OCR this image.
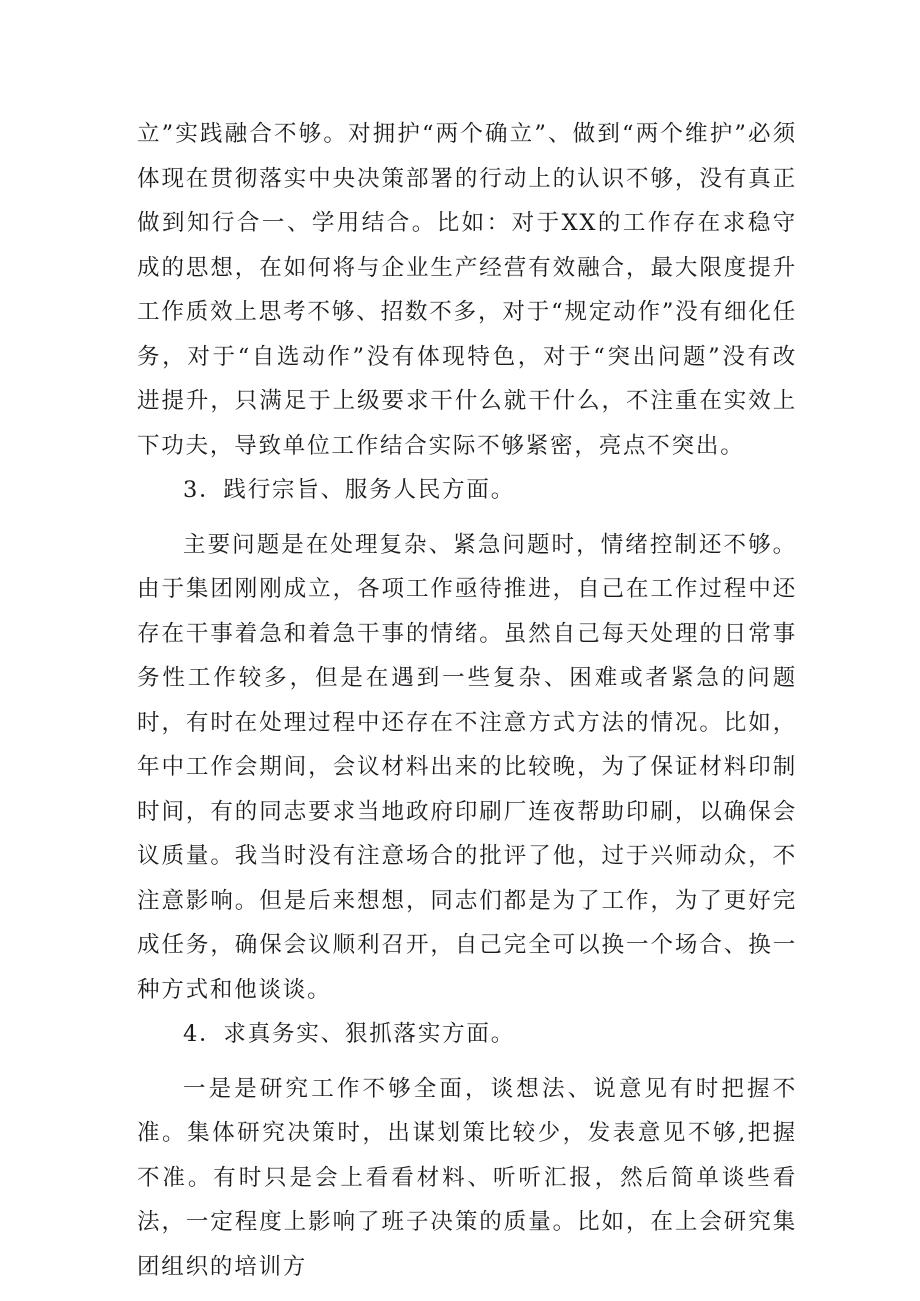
立”实践融合不够。对拥护“两个确立”、做到“两个维护”必须体现在贯彻落实中央决策部署的行动上的认识不够，没有真正做到知行合一、学用结合。比如：对于XX的工作存在求稳守成的思想，在如何将与企业生产经营有效融合，最大限度提升工作质效上思考不够、招数不多，对于“规定动作”没有细化任务，对于“自选动作”没有体现特色，对于“突出问题”没有改进提升，只满足于上级要求干什么就干什么，不注重在实效上下功夫，导致单位工作结合实际不够紧密，亮点不突出。

3．践行宗旨、服务人民方面。

主要问题是在处理复杂、紧急问题时，情绪控制还不够。由于集团刚刚成立，各项工作亟待推进，自己在工作过程中还存在干事着急和着急干事的情绪。虽然自己每天处理的日常事务性工作较多，但是在遇到一些复杂、困难或者紧急的问题时，有时在处理过程中还存在不注意方式方法的情况。比如，年中工作会期间，会议材料出来的比较晚，为了保证材料印制时间，有的同志要求当地政府印刷厂连夜帮助印刷，以确保会议质量。我当时没有注意场合的批评了他，过于兴师动众，不注意影响。但是后来想想，同志们都是为了工作，为了更好完成任务，确保会议顺利召开，自己完全可以换一个场合、换一种方式和他谈谈。

4．求真务实、狠抓落实方面。

一是是研究工作不够全面，谈想法、说意见有时把握不准。集体研究决策时，出谋划策比较少，发表意见不够,把握不准。有时只是会上看看材料、听听汇报，然后简单谈些看法，一定程度上影响了班子决策的质量。比如，在上会研究集团组织的培训方
